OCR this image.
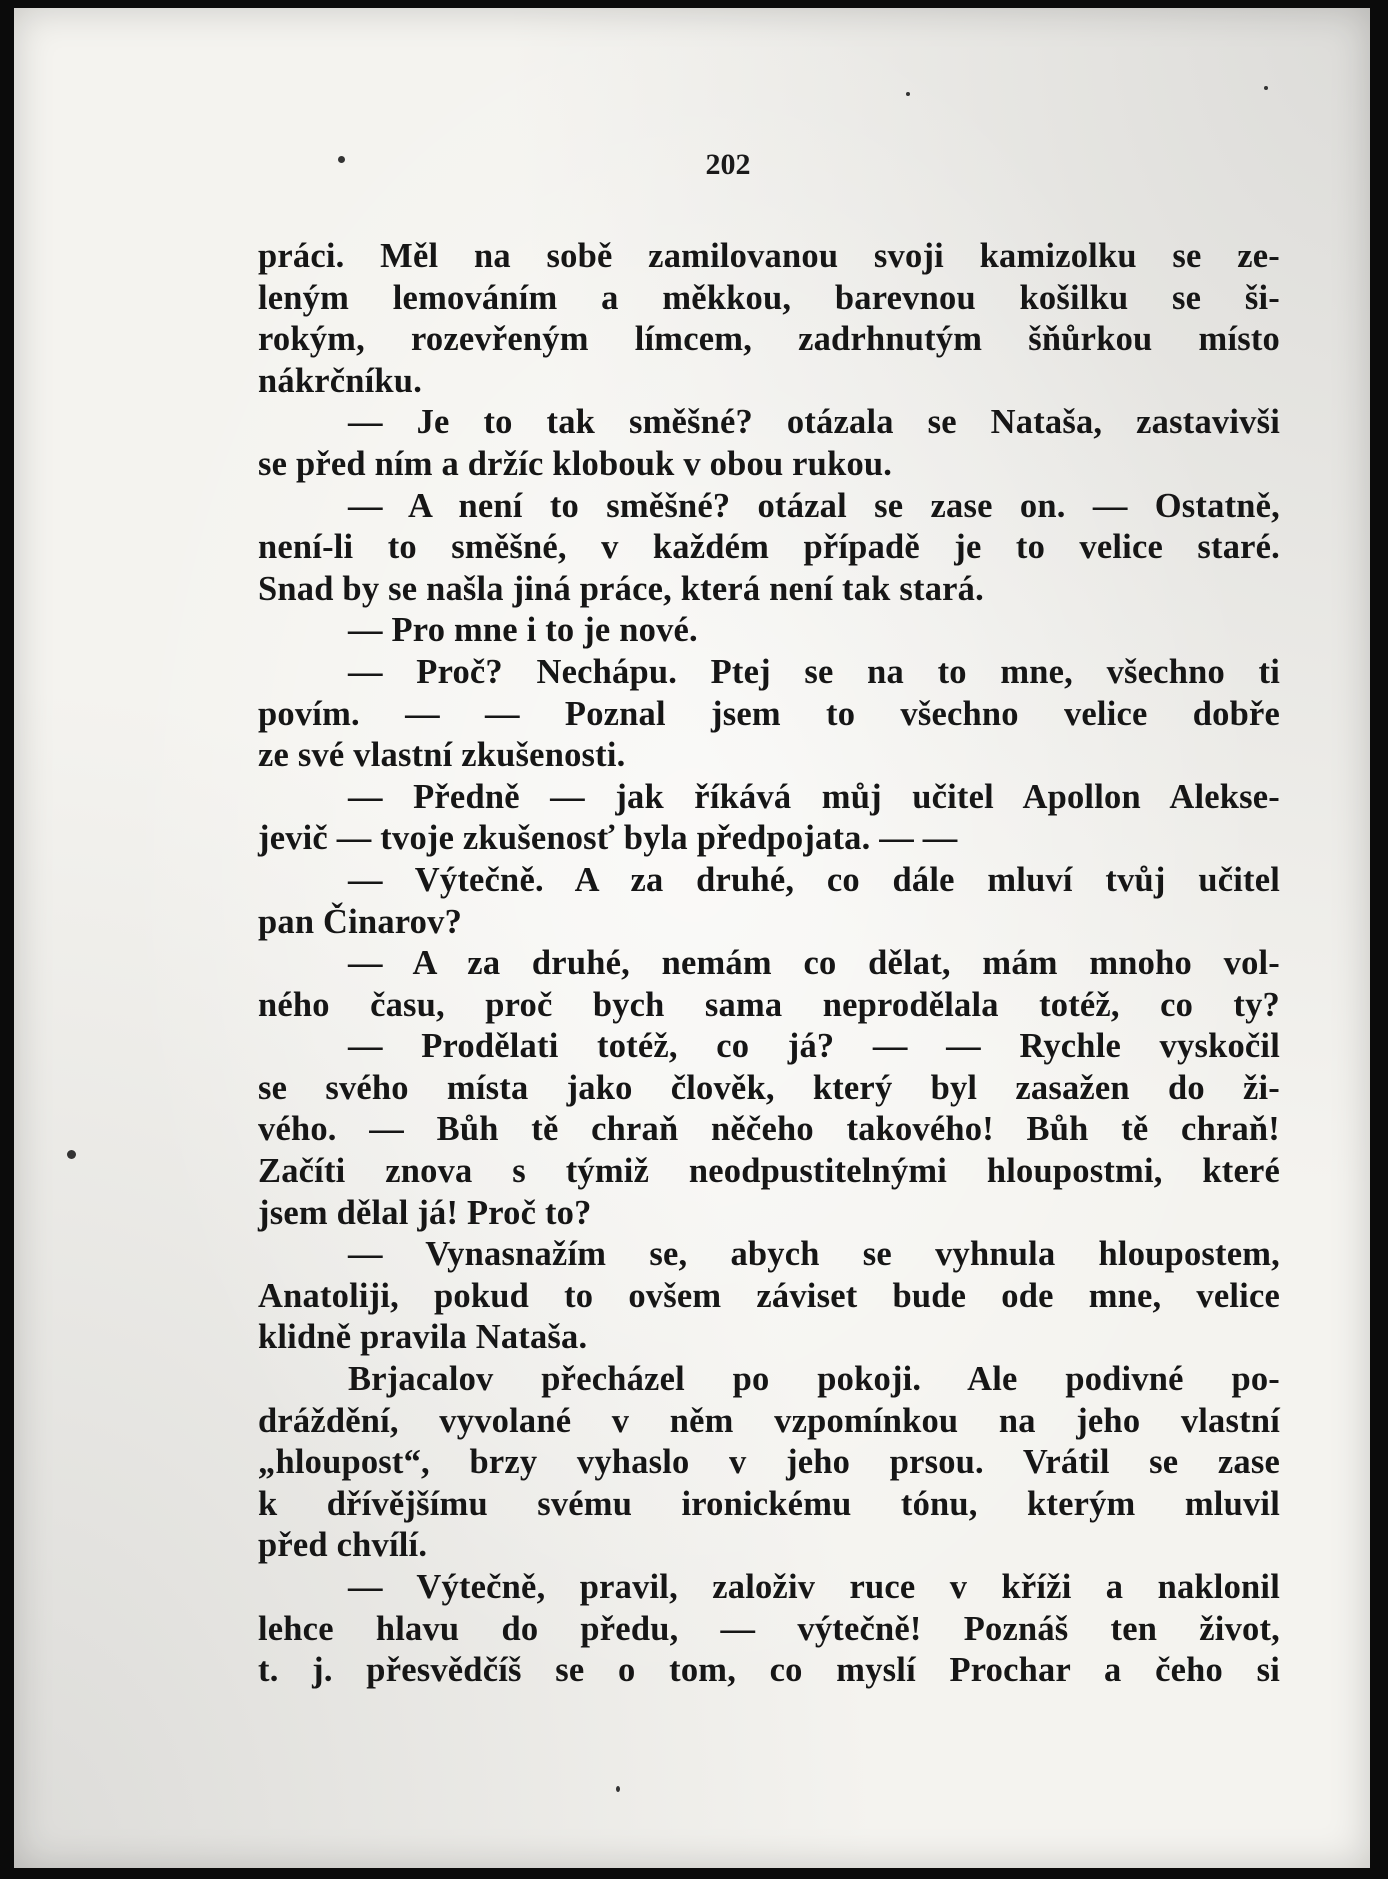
202
práci. Měl na sobě zamilovanou svoji kamizolku se ze-
leným lemováním a měkkou, barevnou košilku se ši-
rokým, rozevřeným límcem, zadrhnutým šňůrkou místo
nákrčníku.
— Je to tak směšné? otázala se Nataša, zastavivši
se před ním a držíc klobouk v obou rukou.
— A není to směšné? otázal se zase on. — Ostatně,
není-li to směšné, v každém případě je to velice staré.
Snad by se našla jiná práce, která není tak stará.
— Pro mne i to je nové.
— Proč? Nechápu. Ptej se na to mne, všechno ti
povím. — — Poznal jsem to všechno velice dobře
ze své vlastní zkušenosti.
— Předně — jak říkává můj učitel Apollon Alekse-
jevič — tvoje zkušenosť byla předpojata. — —
— Výtečně. A za druhé, co dále mluví tvůj učitel
pan Činarov?
— A za druhé, nemám co dělat, mám mnoho vol-
ného času, proč bych sama neprodělala totéž, co ty?
— Prodělati totéž, co já? — — Rychle vyskočil
se svého místa jako člověk, který byl zasažen do ži-
vého. — Bůh tě chraň něčeho takového! Bůh tě chraň!
Začíti znova s týmiž neodpustitelnými hloupostmi, které
jsem dělal já! Proč to?
— Vynasnažím se, abych se vyhnula hloupostem,
Anatoliji, pokud to ovšem záviset bude ode mne, velice
klidně pravila Nataša.
Brjacalov přecházel po pokoji. Ale podivné po-
dráždění, vyvolané v něm vzpomínkou na jeho vlastní
„hloupost“, brzy vyhaslo v jeho prsou. Vrátil se zase
k dřívějšímu svému ironickému tónu, kterým mluvil
před chvílí.
— Výtečně, pravil, založiv ruce v kříži a naklonil
lehce hlavu do předu, — výtečně! Poznáš ten život,
t. j. přesvědčíš se o tom, co myslí Prochar a čeho si
